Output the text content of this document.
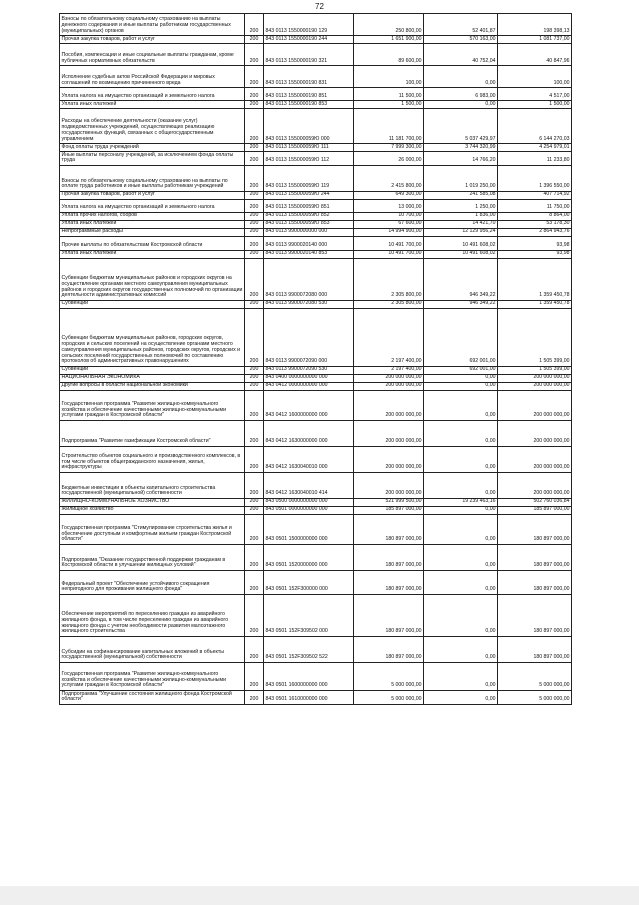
72
Взносы по обязательному социальному страхованию на выплаты денежного содержания и иные выплаты работникам государственных (муниципальных) органов	200	843 0113 1550000190 129	250 800,00	52 401,87	198 398,13
Прочая закупка товаров, работ и услуг	200	843 0113 1550000190 244	1 651 900,00	570 163,00	1 081 737,00
Пособия, компенсации и иные социальные выплаты гражданам, кроме публичных нормативных обязательств	200	843 0113 1550000190 321	89 600,00	40 752,04	40 847,96
Исполнение судебных актов Российской Федерации и мировых соглашений по возмещению причиненного вреда	200	843 0113 1550000190 831	100,00	0,00	100,00
Уплата налога на имущество организаций и земельного налога	200	843 0113 1550000190 851	11 500,00	6 983,00	4 517,00
Уплата иных платежей	200	843 0113 1550000190 853	1 500,00	0,00	1 500,00
Расходы на обеспечение деятельности (оказание услуг) подведомственных учреждений, осуществляющих реализацию государственных функций, связанных с общегосударственным управлением	200	843 0113 155000059Ю 000	11 181 700,00	5 037 429,97	6 144 270,03
Фонд оплаты труда учреждений	200	843 0113 155000059Ю 111	7 999 300,00	3 744 320,99	4 254 979,01
Иные выплаты персоналу учреждений, за исключением фонда оплаты труда	200	843 0113 155000059Ю 112	26 000,00	14 766,20	11 233,80
Взносы по обязательному социальному страхованию на выплаты по оплате труда работников и иные выплаты работникам учреждений	200	843 0113 155000059Ю 119	2 415 800,00	1 019 250,00	1 396 550,00
Прочая закупка товаров, работ и услуг	200	843 0113 155000059Ю 244	649 300,00	241 585,08	407 714,92
Уплата налога на имущество организаций и земельного налога	200	843 0113 155000059Ю 851	13 000,00	1 250,00	11 750,00
Уплата прочих налогов, сборов	200	843 0113 155000059Ю 852	10 700,00	1 836,00	8 864,00
Уплата иных платежей	200	843 0113 155000059Ю 853	67 600,00	14 421,70	53 178,30
Непрограммные расходы	200	843 0113 9900000000 000	14 994 900,00	12 129 956,24	2 864 943,76
Прочие выплаты по обязательствам Костромской области	200	843 0113 9900020140 000	10 491 700,00	10 491 608,02	93,98
Уплата иных платежей	200	843 0113 9900020140 853	10 491 700,00	10 491 608,02	93,98
Субвенции бюджетам муниципальных районов и городских округов на осуществление органами местного самоуправления муниципальных районов и городских округов государственных полномочий по организации деятельности административных комиссий	200	843 0113 9900072080 000	2 305 800,00	946 349,22	1 359 450,78
Субвенции	200	843 0113 9900072080 530	2 305 800,00	946 349,22	1 359 450,78
Субвенции бюджетам муниципальных районов, городских округов, городских и сельских поселений на осуществление органами местного самоуправления муниципальных районов, городских округов, городских и сельских поселений государственных полномочий по составлению протоколов об административных правонарушениях	200	843 0113 9900072090 000	2 197 400,00	692 001,00	1 505 399,00
Субвенции	200	843 0113 9900072090 530	2 197 400,00	692 001,00	1 505 399,00
НАЦИОНАЛЬНАЯ ЭКОНОМИКА	200	843 0400 0000000000 000	200 000 000,00	0,00	200 000 000,00
Другие вопросы в области национальной экономики	200	843 0412 0000000000 000	200 000 000,00	0,00	200 000 000,00
Государственная программа "Развитие жилищно-коммунального хозяйства и обеспечение качественными жилищно-коммунальными услугами граждан в Костромской области"	200	843 0412 1600000000 000	200 000 000,00	0,00	200 000 000,00
Подпрограмма "Развитие газификации Костромской области"	200	843 0412 1630000000 000	200 000 000,00	0,00	200 000 000,00
Строительство объектов социального и производственного комплексов, в том числе объектов общегражданского назначения, жилья, инфраструктуры	200	843 0412 1630040010 000	200 000 000,00	0,00	200 000 000,00
Бюджетные инвестиции в объекты капитального строительства государственной (муниципальной) собственности	200	843 0412 1630040010 414	200 000 000,00	0,00	200 000 000,00
ЖИЛИЩНО-КОММУНАЛЬНОЕ ХОЗЯЙСТВО	200	843 0500 0000000000 000	521 999 500,00	19 239 463,16	502 760 036,84
Жилищное хозяйство	200	843 0501 0000000000 000	185 897 000,00	0,00	185 897 000,00
Государственная программа "Стимулирование строительства жилья и обеспечение доступным и комфортным жильем граждан Костромской области"	200	843 0501 1500000000 000	180 897 000,00	0,00	180 897 000,00
Подпрограмма "Оказание государственной поддержки гражданам в Костромской области в улучшении жилищных условий"	200	843 0501 1520000000 000	180 897 000,00	0,00	180 897 000,00
Федеральный проект "Обеспечение устойчивого сокращения непригодного для проживания жилищного фонда"	200	843 0501 152F300000 000	180 897 000,00	0,00	180 897 000,00
Обеспечение мероприятий по переселению граждан из аварийного жилищного фонда, в том числе переселению граждан из аварийного жилищного фонда с учетом необходимости развития малоэтажного жилищного строительства	200	843 0501 152F309502 000	180 897 000,00	0,00	180 897 000,00
Субсидии на софинансирование капитальных вложений в объекты государственной (муниципальной) собственности	200	843 0501 152F309502 522	180 897 000,00	0,00	180 897 000,00
Государственная программа "Развитие жилищно-коммунального хозяйства и обеспечение качественными жилищно-коммунальными услугами граждан в Костромской области"	200	843 0501 1600000000 000	5 000 000,00	0,00	5 000 000,00
Подпрограмма "Улучшение состояния жилищного фонда Костромской области"	200	843 0501 1610000000 000	5 000 000,00	0,00	5 000 000,00
